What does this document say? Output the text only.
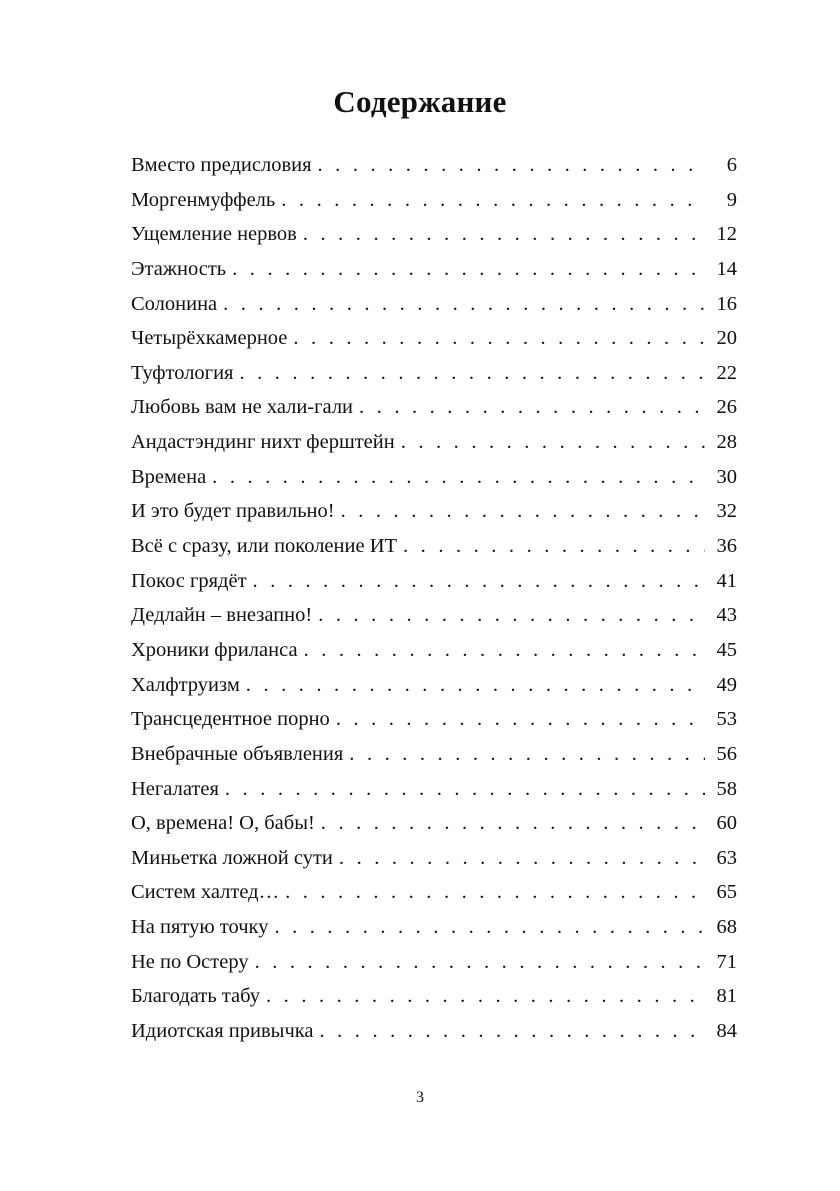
Содержание
Вместо предисловия . . .	6
Моргенмуффель . . .	9
Ущемление нервов . . .	12
Этажность . . .	14
Солонина . . .	16
Четырёхкамерное . . .	20
Туфтология . . .	22
Любовь вам не хали-гали . . .	26
Андастэндинг нихт ферштейн . . .	28
Времена . . .	30
И это будет правильно! . . .	32
Всё с сразу, или поколение ИТ . . .	36
Покос грядёт . . .	41
Дедлайн – внезапно! . . .	43
Хроники фриланса . . .	45
Халфтруизм . . .	49
Трансцедентное порно . . .	53
Внебрачные объявления . . .	56
Негалатея . . .	58
О, времена! О, бабы! . . .	60
Миньетка ложной сути . . .	63
Систем халтед… . . .	65
На пятую точку . . .	68
Не по Остеру . . .	71
Благодать табу . . .	81
Идиотская привычка . . .	84
3
